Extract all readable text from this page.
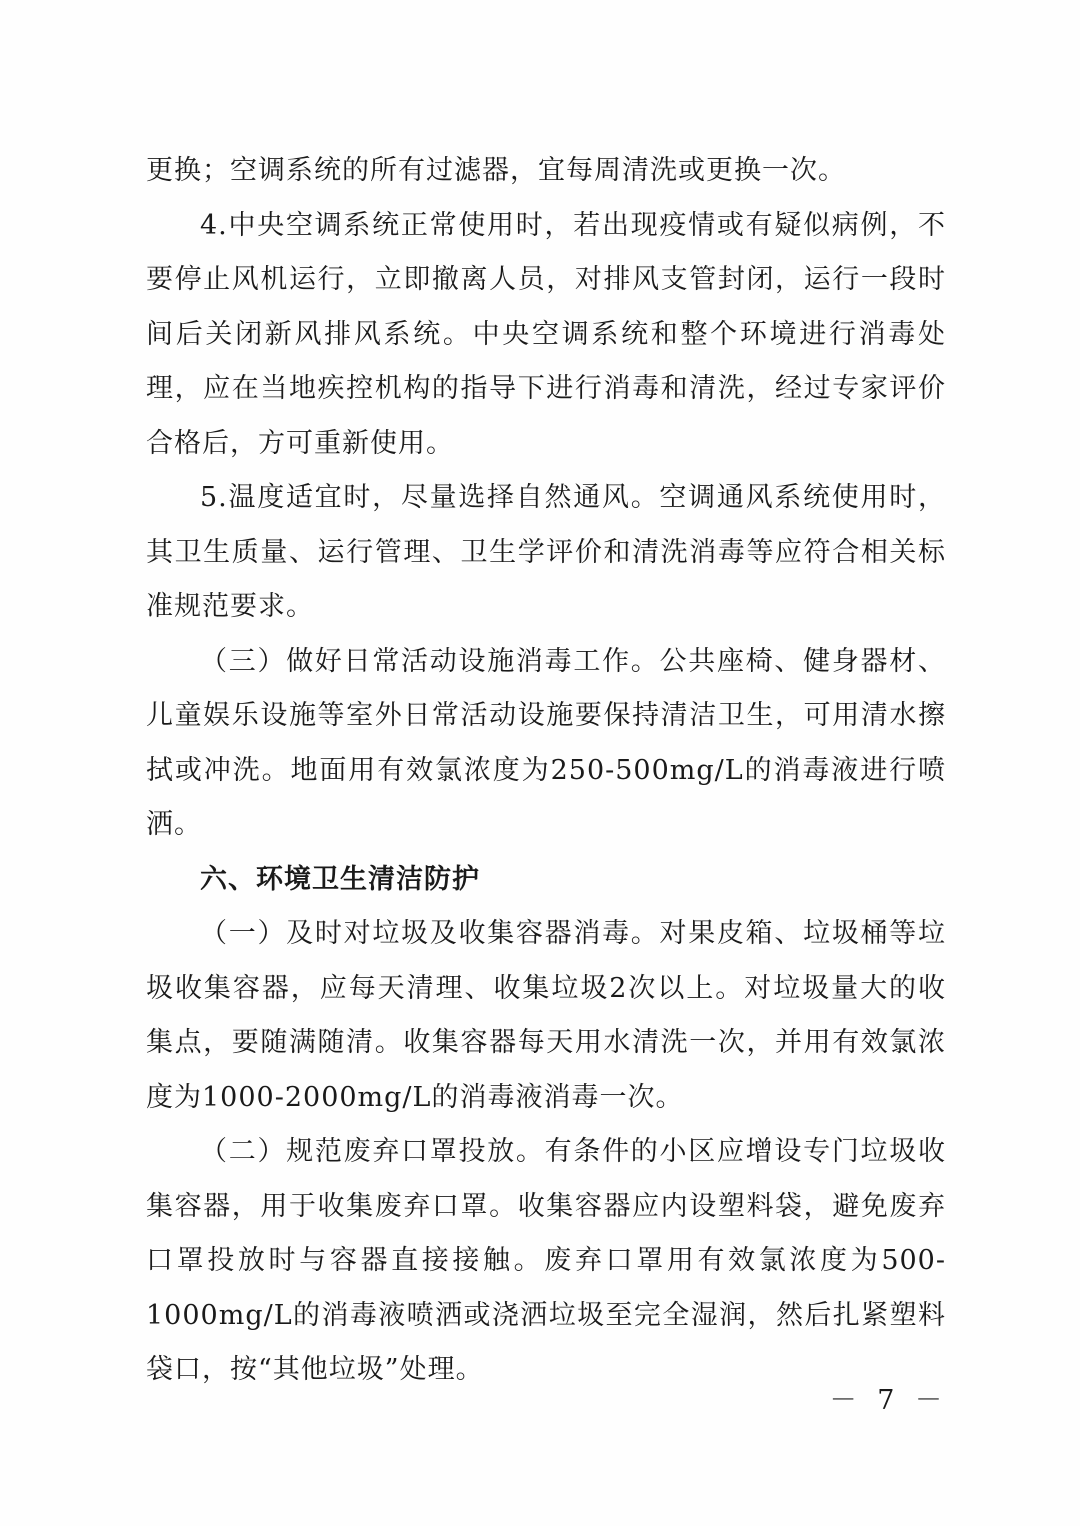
更换；空调系统的所有过滤器，宜每周清洗或更换一次。

4.中央空调系统正常使用时，若出现疫情或有疑似病例，不要停止风机运行，立即撤离人员，对排风支管封闭，运行一段时间后关闭新风排风系统。中央空调系统和整个环境进行消毒处理，应在当地疾控机构的指导下进行消毒和清洗，经过专家评价合格后，方可重新使用。

5.温度适宜时，尽量选择自然通风。空调通风系统使用时，其卫生质量、运行管理、卫生学评价和清洗消毒等应符合相关标准规范要求。

（三）做好日常活动设施消毒工作。公共座椅、健身器材、儿童娱乐设施等室外日常活动设施要保持清洁卫生，可用清水擦拭或冲洗。地面用有效氯浓度为250-500mg/L的消毒液进行喷洒。

六、环境卫生清洁防护

（一）及时对垃圾及收集容器消毒。对果皮箱、垃圾桶等垃圾收集容器，应每天清理、收集垃圾2次以上。对垃圾量大的收集点，要随满随清。收集容器每天用水清洗一次，并用有效氯浓度为1000-2000mg/L的消毒液消毒一次。

（二）规范废弃口罩投放。有条件的小区应增设专门垃圾收集容器，用于收集废弃口罩。收集容器应内设塑料袋，避免废弃口罩投放时与容器直接接触。废弃口罩用有效氯浓度为500-1000mg/L的消毒液喷洒或浇洒垃圾至完全湿润，然后扎紧塑料袋口，按“其他垃圾”处理。

－ 7 －
